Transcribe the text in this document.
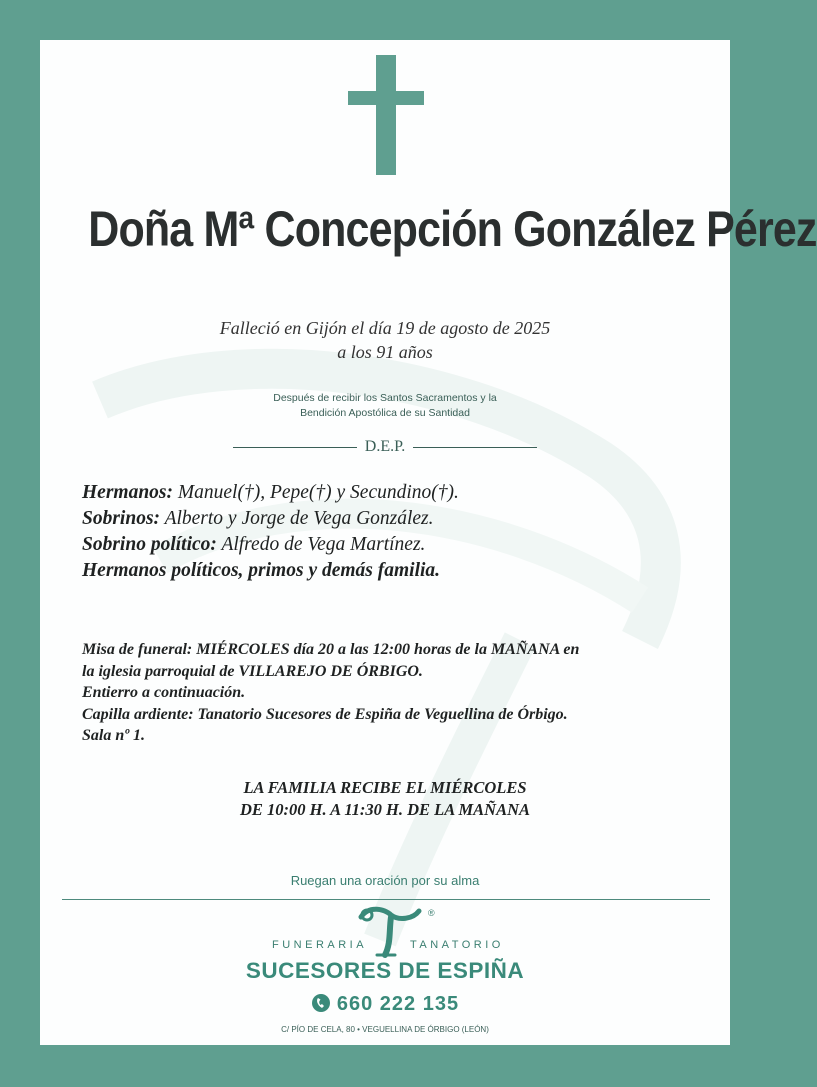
Doña Mª Concepción González Pérez
Falleció en Gijón el día 19 de agosto de 2025
a los 91 años
Después de recibir los Santos Sacramentos y la
Bendición Apostólica de su Santidad
D.E.P.
Hermanos: Manuel(†), Pepe(†) y Secundino(†).
Sobrinos: Alberto y Jorge de Vega González.
Sobrino político: Alfredo de Vega Martínez.
Hermanos políticos, primos y demás familia.
Misa de funeral: MIÉRCOLES día 20 a las 12:00 horas de la MAÑANA en
la iglesia parroquial de VILLAREJO DE ÓRBIGO.
Entierro a continuación.
Capilla ardiente: Tanatorio Sucesores de Espiña de Veguellina de Órbigo.
Sala nº 1.
LA FAMILIA RECIBE EL MIÉRCOLES
DE 10:00 H. A 11:30 H. DE LA MAÑANA
Ruegan una oración por su alma
®
FUNERARIA	TANATORIO
SUCESORES DE ESPIÑA
660 222 135
C/ PÍO DE CELA, 80 • VEGUELLINA DE ÓRBIGO (LEÓN)
